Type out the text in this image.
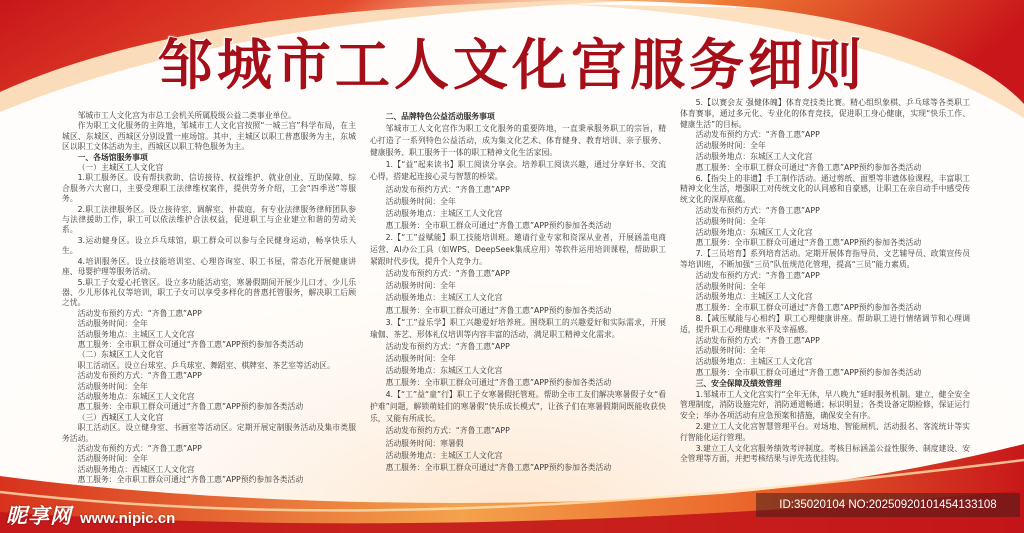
邹城市工人文化宫服务细则

邹城市工人文化宫为市总工会机关所属股级公益二类事业单位。

作为职工文化服务的主阵地，邹城市工人文化宫按照“一城三宫”科学布局，在主城区、东城区、西城区分别设置一座场馆。其中，主城区以职工普惠服务为主，东城区以职工文体活动为主，西城区以职工特色服务为主。

一、各场馆服务事项

（一）主城区工人文化宫

1.职工服务区。设有帮扶救助、信访接待、权益维护、就业创业、互助保障、综合服务六大窗口，主要受理职工法律维权案件，提供劳务介绍，工会“四季送”等服务。

2.职工法律服务区。设立接待室、调解室、仲裁庭，有专业法律服务律师团队参与法律援助工作，职工可以依法维护合法权益，促进职工与企业建立和谐的劳动关系。

3.运动健身区。设立乒乓球馆，职工群众可以参与全民健身运动，畅享快乐人生。

4.培训服务区。设立技能培训室、心理咨询室、职工书屋，常态化开展健康讲座、母婴护理等服务活动。

5.职工子女爱心托管区。设立多功能活动室，寒暑假期间开展少儿口才、少儿乐器、少儿形体礼仪等培训，职工子女可以享受多样化的普惠托管服务，解决职工后顾之忧。

活动发布预约方式：“齐鲁工惠”APP

活动服务时间：全年

活动服务地点：主城区工人文化宫

惠工服务：全市职工群众可通过“齐鲁工惠”APP预约参加各类活动

（二）东城区工人文化宫

职工活动区。设立台球室、乒乓球室、舞蹈室、棋牌室、茶艺室等活动区。

活动发布预约方式：“齐鲁工惠”APP

活动服务时间：全年

活动服务地点：东城区工人文化宫

惠工服务：全市职工群众可通过“齐鲁工惠”APP预约参加各类活动

（三）西城区工人文化宫

职工活动区。设立健身室、书画室等活动区。定期开展定制服务活动及集市类服务活动。

活动发布预约方式：“齐鲁工惠”APP

活动服务时间：全年

活动服务地点：西城区工人文化宫

惠工服务：全市职工群众可通过“齐鲁工惠”APP预约参加各类活动

二、品牌特色公益活动服务事项

邹城市工人文化宫作为职工文化服务的重要阵地，一直秉承服务职工的宗旨，精心打造了一系列特色公益活动，成为集文化艺术、体育健身、教育培训、亲子服务、健康服务、职工服务于一体的职工精神文化生活家园。

1.【“益”起来读书】职工阅读分享会。培养职工阅读兴趣，通过分享好书、交流心得，搭建起连接心灵与智慧的桥梁。

活动发布预约方式：“齐鲁工惠”APP

活动服务时间：全年

活动服务地点：主城区工人文化宫

惠工服务：全市职工群众可通过“齐鲁工惠”APP预约参加各类活动

2.【“工”益赋能】职工技能培训班。邀请行业专家和资深从业者，开展涵盖电商运营、AI办公工具（如WPS、DeepSeek集成应用）等软件运用培训课程，帮助职工紧跟时代步伐，提升个人竞争力。

活动发布预约方式：“齐鲁工惠”APP

活动服务时间：全年

活动服务地点：主城区工人文化宫

惠工服务：全市职工群众可通过“齐鲁工惠”APP预约参加各类活动

3.【“工”益乐学】职工兴趣爱好培养班。围绕职工的兴趣爱好和实际需求，开展瑜伽、茶艺、形体礼仪培训等内容丰富的活动，满足职工精神文化需求。

活动发布预约方式：“齐鲁工惠”APP

活动服务时间：全年

活动服务地点：东城区工人文化宫

惠工服务：全市职工群众可通过“齐鲁工惠”APP预约参加各类活动

4.【“工”益“童”行】职工子女寒暑假托管班。帮助全市工友们解决寒暑假子女“看护难”问题，解锁萌娃们的寒暑假“快乐成长模式”，让孩子们在寒暑假期间既能收获快乐，又能有所成长。

活动发布预约方式：“齐鲁工惠”APP

活动服务时间：寒暑假

活动服务地点：主城区工人文化宫

惠工服务：全市职工群众可通过“齐鲁工惠”APP预约参加各类活动

5.【以赛会友 强健体魄】体育竞技类比赛。精心组织象棋、乒乓球等各类职工体育赛事，通过多元化、专业化的体育竞技，促进职工身心健康，实现“快乐工作、健康生活”的目标。

活动发布预约方式：“齐鲁工惠”APP

活动服务时间：全年

活动服务地点：东城区工人文化宫

惠工服务：全市职工群众可通过“齐鲁工惠”APP预约参加各类活动

6.【指尖上的非遗】手工制作活动。通过剪纸、面塑等非遗体验课程，丰富职工精神文化生活，增强职工对传统文化的认同感和自豪感，让职工在亲自动手中感受传统文化的深厚底蕴。

活动发布预约方式：“齐鲁工惠”APP

活动服务时间：全年

活动服务地点：东城区工人文化宫

惠工服务：全市职工群众可通过“齐鲁工惠”APP预约参加各类活动

7.【三员培育】系列培育活动。定期开展体育指导员、文艺辅导员、政策宣传员等培训班，不断加强“三员”队伍规范化管理，提高“三员”能力素质。

活动发布预约方式：“齐鲁工惠”APP

活动服务时间：全年

活动服务地点：主城区工人文化宫

惠工服务：全市职工群众可通过“齐鲁工惠”APP预约参加各类活动

8.【减压赋能与心相约】职工心理健康讲座。帮助职工进行情绪调节和心理调适，提升职工心理健康水平及幸福感。

活动发布预约方式：“齐鲁工惠”APP

活动服务时间：全年

活动服务地点：主城区工人文化宫

惠工服务：全市职工群众可通过“齐鲁工惠”APP预约参加各类活动

三、安全保障及绩效管理

1.邹城市工人文化宫实行“全年无休，早八晚九”延时服务机制。建立、健全安全管理制度，消防设施完好，消防通道畅通；标识明显；各类设备定期检修，保证运行安全；举办各项活动有应急预案和措施，确保安全有序。

2.建立工人文化宫智慧管理平台。对场地、智能闸机、活动报名、客流统计等实行智能化运行管理。

3.建立工人文化宫服务绩效考评制度。考核目标涵盖公益性服务、制度建设、安全管理等方面，并把考核结果与评先选优挂钩。

昵享网 www.nipic.cn
ID:35020104 NO:20250920101454133108
